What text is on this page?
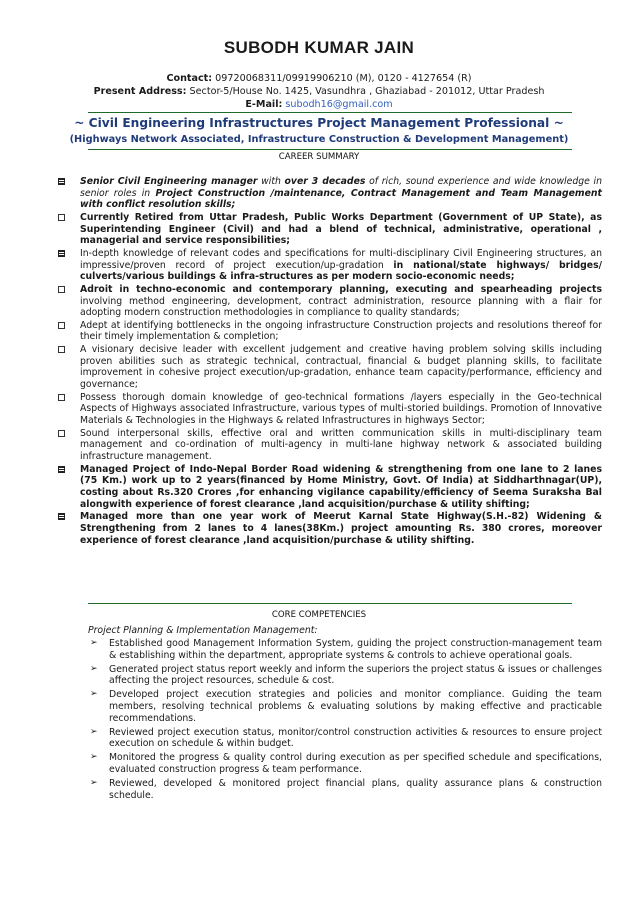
SUBODH KUMAR JAIN
Contact: 09720068311/09919906210 (M), 0120 - 4127654 (R)
Present Address: Sector-5/House No. 1425, Vasundhra , Ghaziabad - 201012, Uttar Pradesh
E-Mail: subodh16@gmail.com
~ Civil Engineering Infrastructures Project Management Professional ~
(Highways Network Associated, Infrastructure Construction & Development Management)
CAREER SUMMARY
Senior Civil Engineering manager with over 3 decades of rich, sound experience and wide knowledge in senior roles in Project Construction /maintenance, Contract Management and Team Management with conflict resolution skills;
Currently Retired from Uttar Pradesh, Public Works Department (Government of UP State), as Superintending Engineer (Civil) and had a blend of technical, administrative, operational , managerial and service responsibilities;
In-depth knowledge of relevant codes and specifications for multi-disciplinary Civil Engineering structures, an impressive/proven record of project execution/up-gradation in national/state highways/ bridges/ culverts/various buildings & infra-structures as per modern socio-economic needs;
Adroit in techno-economic and contemporary planning, executing and spearheading projects involving method engineering, development, contract administration, resource planning with a flair for adopting modern construction methodologies in compliance to quality standards;
Adept at identifying bottlenecks in the ongoing infrastructure Construction projects and resolutions thereof for their timely implementation & completion;
A visionary decisive leader with excellent judgement and creative having problem solving skills including proven abilities such as strategic technical, contractual, financial & budget planning skills, to facilitate improvement in cohesive project execution/up-gradation, enhance team capacity/performance, efficiency and governance;
Possess thorough domain knowledge of geo-technical formations /layers especially in the Geo-technical Aspects of Highways associated Infrastructure, various types of multi-storied buildings. Promotion of Innovative Materials & Technologies in the Highways & related Infrastructures in highways Sector;
Sound interpersonal skills, effective oral and written communication skills in multi-disciplinary team management and co-ordination of multi-agency in multi-lane highway network & associated building infrastructure management.
Managed Project of Indo-Nepal Border Road widening & strengthening from one lane to 2 lanes (75 Km.) work up to 2 years(financed by Home Ministry, Govt. Of India) at Siddharthnagar(UP), costing about Rs.320 Crores ,for enhancing vigilance capability/efficiency of Seema Suraksha Bal alongwith experience of forest clearance ,land acquisition/purchase & utility shifting;
Managed more than one year work of Meerut Karnal State Highway(S.H.-82) Widening & Strengthening from 2 lanes to 4 lanes(38Km.) project amounting Rs. 380 crores, moreover experience of forest clearance ,land acquisition/purchase & utility shifting.
CORE COMPETENCIES
Project Planning & Implementation Management:
➢ Established good Management Information System, guiding the project construction-management team & establishing within the department, appropriate systems & controls to achieve operational goals.
➢ Generated project status report weekly and inform the superiors the project status & issues or challenges affecting the project resources, schedule & cost.
➢ Developed project execution strategies and policies and monitor compliance. Guiding the team members, resolving technical problems & evaluating solutions by making effective and practicable recommendations.
➢ Reviewed project execution status, monitor/control construction activities & resources to ensure project execution on schedule & within budget.
➢ Monitored the progress & quality control during execution as per specified schedule and specifications, evaluated construction progress & team performance.
➢ Reviewed, developed & monitored project financial plans, quality assurance plans & construction schedule.
